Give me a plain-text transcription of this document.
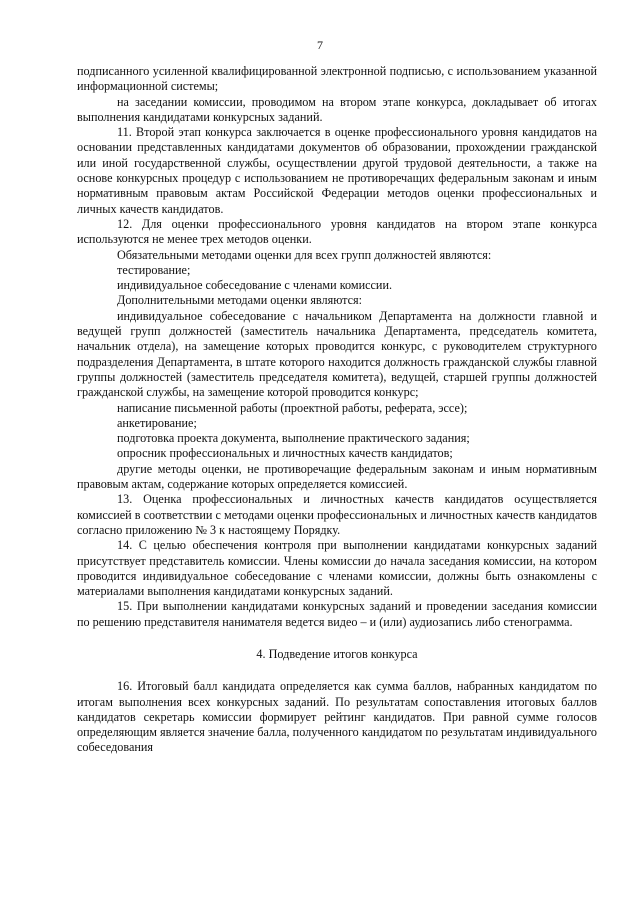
7

подписанного усиленной квалифицированной электронной подписью, с использованием указанной информационной системы;

на заседании комиссии, проводимом на втором этапе конкурса, докладывает об итогах выполнения кандидатами конкурсных заданий.

11. Второй этап конкурса заключается в оценке профессионального уровня кандидатов на основании представленных кандидатами документов об образовании, прохождении гражданской или иной государственной службы, осуществлении другой трудовой деятельности, а также на основе конкурсных процедур с использованием не противоречащих федеральным законам и иным нормативным правовым актам Российской Федерации методов оценки профессиональных и личных качеств кандидатов.

12. Для оценки профессионального уровня кандидатов на втором этапе конкурса используются не менее трех методов оценки.

Обязательными методами оценки для всех групп должностей являются:

тестирование;

индивидуальное собеседование с членами комиссии.

Дополнительными методами оценки являются:

индивидуальное собеседование с начальником Департамента на должности главной и ведущей групп должностей (заместитель начальника Департамента, председатель комитета, начальник отдела), на замещение которых проводится конкурс, с руководителем структурного подразделения Департамента, в штате которого находится должность гражданской службы главной группы должностей (заместитель председателя комитета), ведущей, старшей группы должностей гражданской службы, на замещение которой проводится конкурс;

написание письменной работы (проектной работы, реферата, эссе);

анкетирование;

подготовка проекта документа, выполнение практического задания;

опросник профессиональных и личностных качеств кандидатов;

другие методы оценки, не противоречащие федеральным законам и иным нормативным правовым актам, содержание которых определяется комиссией.

13. Оценка профессиональных и личностных качеств кандидатов осуществляется комиссией в соответствии с методами оценки профессиональных и личностных качеств кандидатов согласно приложению № 3 к настоящему Порядку.

14. С целью обеспечения контроля при выполнении кандидатами конкурсных заданий присутствует представитель комиссии. Члены комиссии до начала заседания комиссии, на котором проводится индивидуальное собеседование с членами комиссии, должны быть ознакомлены с материалами выполнения кандидатами конкурсных заданий.

15. При выполнении кандидатами конкурсных заданий и проведении заседания комиссии по решению представителя нанимателя ведется видео – и (или) аудиозапись либо стенограмма.

4. Подведение итогов конкурса

16. Итоговый балл кандидата определяется как сумма баллов, набранных кандидатом по итогам выполнения всех конкурсных заданий. По результатам сопоставления итоговых баллов кандидатов секретарь комиссии формирует рейтинг кандидатов. При равной сумме голосов определяющим является значение балла, полученного кандидатом по результатам индивидуального собеседования
